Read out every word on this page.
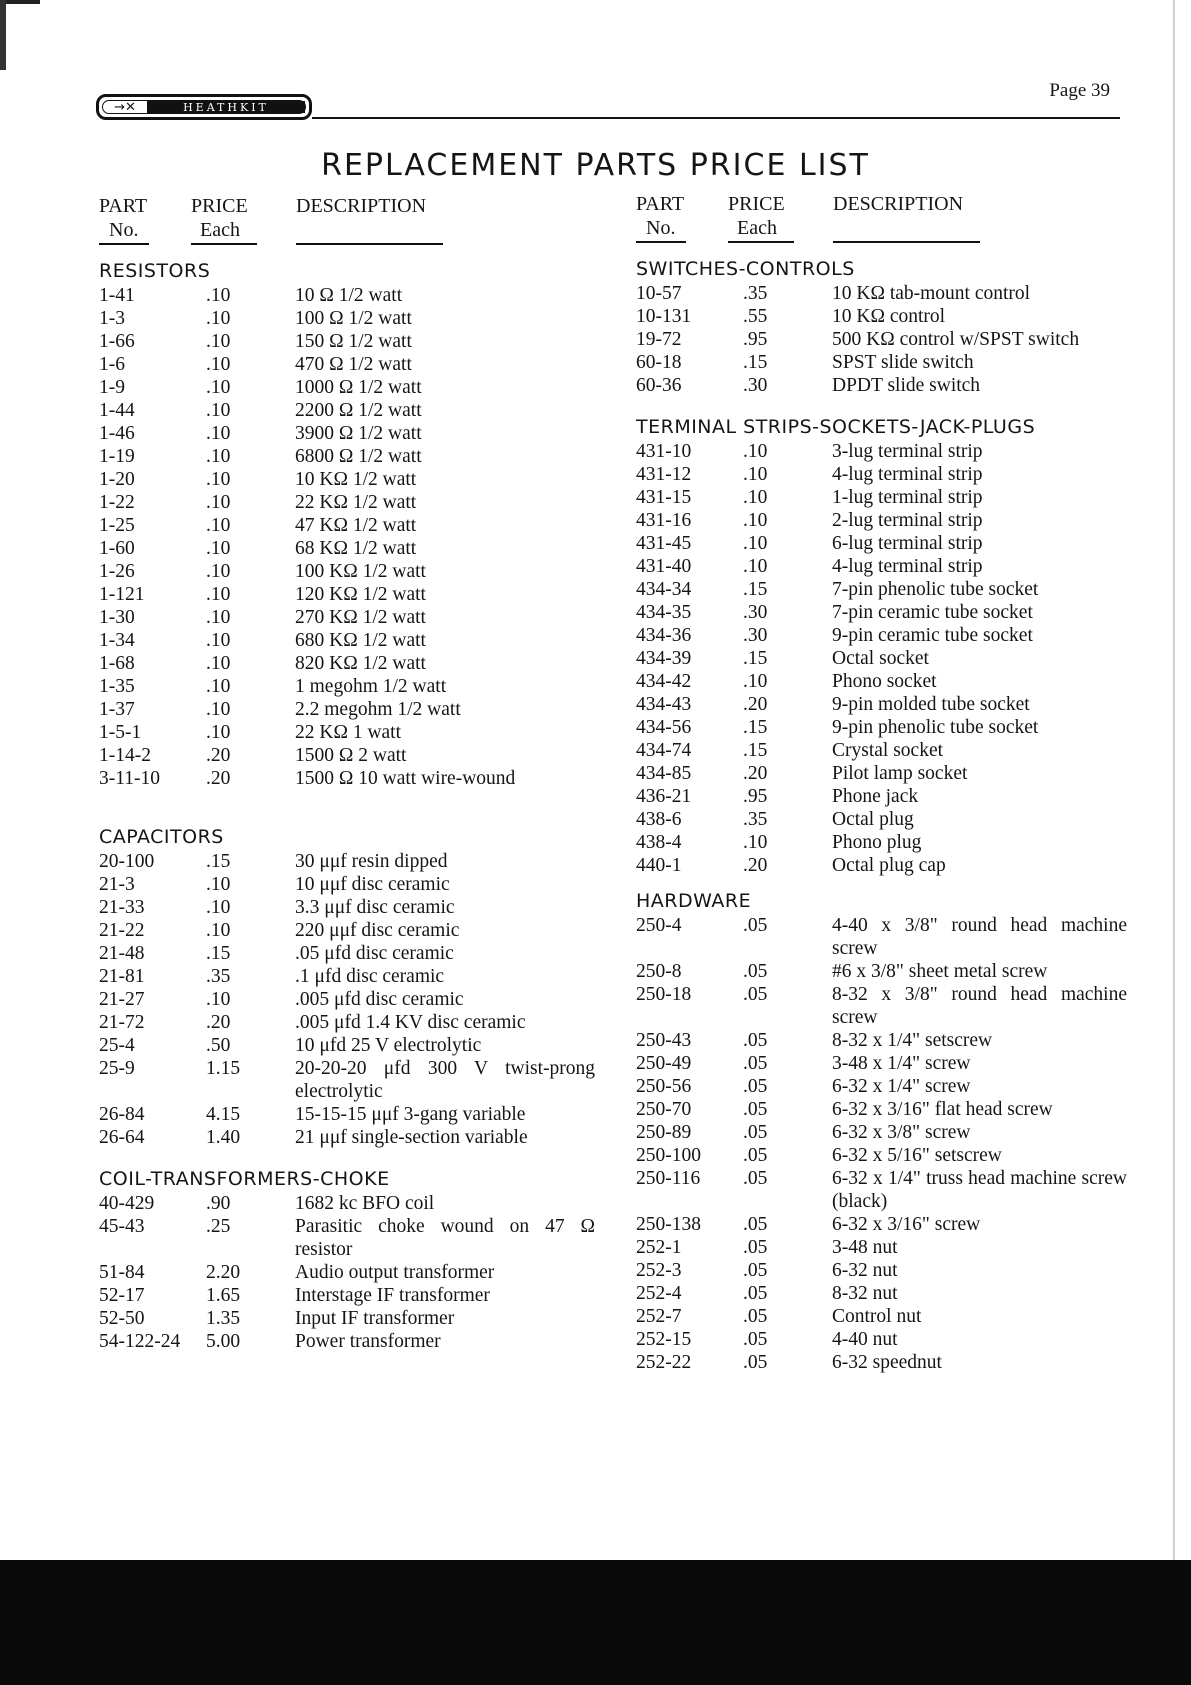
Page 39
→✕	HEATHKIT
REPLACEMENT PARTS PRICE LIST
PART
No.
PRICE
Each
DESCRIPTION
RESISTORS
1-41	.10	10 Ω 1/2 watt
1-3	.10	100 Ω 1/2 watt
1-66	.10	150 Ω 1/2 watt
1-6	.10	470 Ω 1/2 watt
1-9	.10	1000 Ω 1/2 watt
1-44	.10	2200 Ω 1/2 watt
1-46	.10	3900 Ω 1/2 watt
1-19	.10	6800 Ω 1/2 watt
1-20	.10	10 KΩ 1/2 watt
1-22	.10	22 KΩ 1/2 watt
1-25	.10	47 KΩ 1/2 watt
1-60	.10	68 KΩ 1/2 watt
1-26	.10	100 KΩ 1/2 watt
1-121	.10	120 KΩ 1/2 watt
1-30	.10	270 KΩ 1/2 watt
1-34	.10	680 KΩ 1/2 watt
1-68	.10	820 KΩ 1/2 watt
1-35	.10	1 megohm 1/2 watt
1-37	.10	2.2 megohm 1/2 watt
1-5-1	.10	22 KΩ 1 watt
1-14-2	.20	1500 Ω 2 watt
3-11-10	.20	1500 Ω 10 watt wire-wound
CAPACITORS
20-100	.15	30 μμf resin dipped
21-3	.10	10 μμf disc ceramic
21-33	.10	3.3 μμf disc ceramic
21-22	.10	220 μμf disc ceramic
21-48	.15	.05 μfd disc ceramic
21-81	.35	.1 μfd disc ceramic
21-27	.10	.005 μfd disc ceramic
21-72	.20	.005 μfd 1.4 KV disc ceramic
25-4	.50	10 μfd 25 V electrolytic
25-9	1.15	20-20-20 μfd 300 V twist-prong electrolytic
26-84	4.15	15-15-15 μμf 3-gang variable
26-64	1.40	21 μμf single-section variable
COIL-TRANSFORMERS-CHOKE
40-429	.90	1682 kc BFO coil
45-43	.25	Parasitic choke wound on 47 Ω resistor
51-84	2.20	Audio output transformer
52-17	1.65	Interstage IF transformer
52-50	1.35	Input IF transformer
54-122-24	5.00	Power transformer
PART
No.
PRICE
Each
DESCRIPTION
SWITCHES-CONTROLS
10-57	.35	10 KΩ tab-mount control
10-131	.55	10 KΩ control
19-72	.95	500 KΩ control w/SPST switch
60-18	.15	SPST slide switch
60-36	.30	DPDT slide switch
TERMINAL STRIPS-SOCKETS-JACK-PLUGS
431-10	.10	3-lug terminal strip
431-12	.10	4-lug terminal strip
431-15	.10	1-lug terminal strip
431-16	.10	2-lug terminal strip
431-45	.10	6-lug terminal strip
431-40	.10	4-lug terminal strip
434-34	.15	7-pin phenolic tube socket
434-35	.30	7-pin ceramic tube socket
434-36	.30	9-pin ceramic tube socket
434-39	.15	Octal socket
434-42	.10	Phono socket
434-43	.20	9-pin molded tube socket
434-56	.15	9-pin phenolic tube socket
434-74	.15	Crystal socket
434-85	.20	Pilot lamp socket
436-21	.95	Phone jack
438-6	.35	Octal plug
438-4	.10	Phono plug
440-1	.20	Octal plug cap
HARDWARE
250-4	.05	4-40 x 3/8" round head machine screw
250-8	.05	#6 x 3/8" sheet metal screw
250-18	.05	8-32 x 3/8" round head machine screw
250-43	.05	8-32 x 1/4" setscrew
250-49	.05	3-48 x 1/4" screw
250-56	.05	6-32 x 1/4" screw
250-70	.05	6-32 x 3/16" flat head screw
250-89	.05	6-32 x 3/8" screw
250-100	.05	6-32 x 5/16" setscrew
250-116	.05	6-32 x 1/4" truss head machine screw (black)
250-138	.05	6-32 x 3/16" screw
252-1	.05	3-48 nut
252-3	.05	6-32 nut
252-4	.05	8-32 nut
252-7	.05	Control nut
252-15	.05	4-40 nut
252-22	.05	6-32 speednut
